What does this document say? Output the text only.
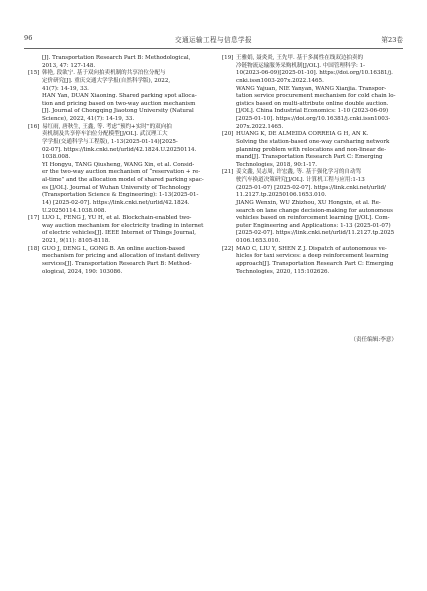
96	交通运输工程与信息学报	第23卷
[J]. Transportation Research Part B: Methodological,
2013, 47: 127-148.
[15] 韩艳, 段欲宁. 基于双向拍卖机制的共享泊位分配与
定价研究[J]. 重庆交通大学学报(自然科学版), 2022,
41(7): 14-19, 33.
HAN Yan, DUAN Xiaoning. Shared parking spot alloca-
tion and pricing based on two-way auction mechanism
[J]. Journal of Chongqing Jiaotong University (Natural
Science), 2022, 41(7): 14-19, 33.
[16] 易红雨, 唐秋生, 王鑫, 等. 考虑“预约+实时”的双向拍
卖机制及共享停车泊位分配模型[J/OL]. 武汉理工大
学学报(交通科学与工程版), 1-13(2025-01-14)[2025-
02-07]. https://link.cnki.net/urlid/42.1824.U.20250114.
1038.008.
YI Hongyu, TANG Qiusheng, WANG Xin, et al. Consid-
er the two-way auction mechanism of “reservation + re-
al-time” and the allocation model of shared parking spac-
es [J/OL]. Journal of Wuhan University of Technology
(Transportation Science & Engineering): 1-13(2025-01-
14) [2025-02-07]. https://link.cnki.net/urlid/42.1824.
U.20250114.1038.008.
[17] LUO L, FENG J, YU H, et al. Blockchain-enabled two-
way auction mechanism for electricity trading in internet
of electric vehicles[J]. IEEE Internet of Things Journal,
2021, 9(11): 8105-8118.
[18] GUO J, DENG L, GONG B. An online auction-based
mechanism for pricing and allocation of instant delivery
services[J]. Transportation Research Part B: Method-
ological, 2024, 190: 103086.
[19] 王雅娟, 聂炎炎, 王先甲. 基于多属性在线双边拍卖的
冷链物流运输服务采购机制[J/OL]. 中国管理科学: 1-
10(2023-06-09)[2025-01-10]. https://doi.org/10.16381/j.
cnki.issn1003-207x.2022.1465.
WANG Yajuan, NIE Yanyan, WANG Xianjia. Transpor-
tation service procurement mechanism for cold chain lo-
gistics based on multi-attribute online double auction.
[J/OL]. China Industrial Economics: 1-10 (2023-06-09)
[2025-01-10]. https://doi.org/10.16381/j.cnki.issn1003-
207x.2022.1465.
[20] HUANG K, DE ALMEIDA CORREIA G H, AN K.
Solving the station-based one-way carsharing network
planning problem with relocations and non-linear de-
mand[J]. Transportation Research Part C: Emerging
Technologies, 2018, 90:1-17.
[21] 姜文鑫, 吴志周, 许宏鑫, 等. 基于强化学习的自动驾
驶汽车换道决策研究[J/OL]. 计算机工程与应用:1-13
(2025-01-07) [2025-02-07]. https://link.cnki.net/urlid/
11.2127.tp.20250106.1653.010.
JIANG Wenxin, WU Zhizhou, XU Hongxin, et al. Re-
search on lane change decision-making for autonomous
vehicles based on reinforcement learning [J/OL]. Com-
puter Engineering and Applications: 1-13 (2025-01-07)
[2025-02-07]. https://link.cnki.net/urlid/11.2127.tp.2025
0106.1653.010.
[22] MAO C, LIU Y, SHEN Z J. Dispatch of autonomous ve-
hicles for taxi services: a deep reinforcement learning
approach[J]. Transportation Research Part C: Emerging
Technologies, 2020, 115:102626.
（责任编辑:李意）
